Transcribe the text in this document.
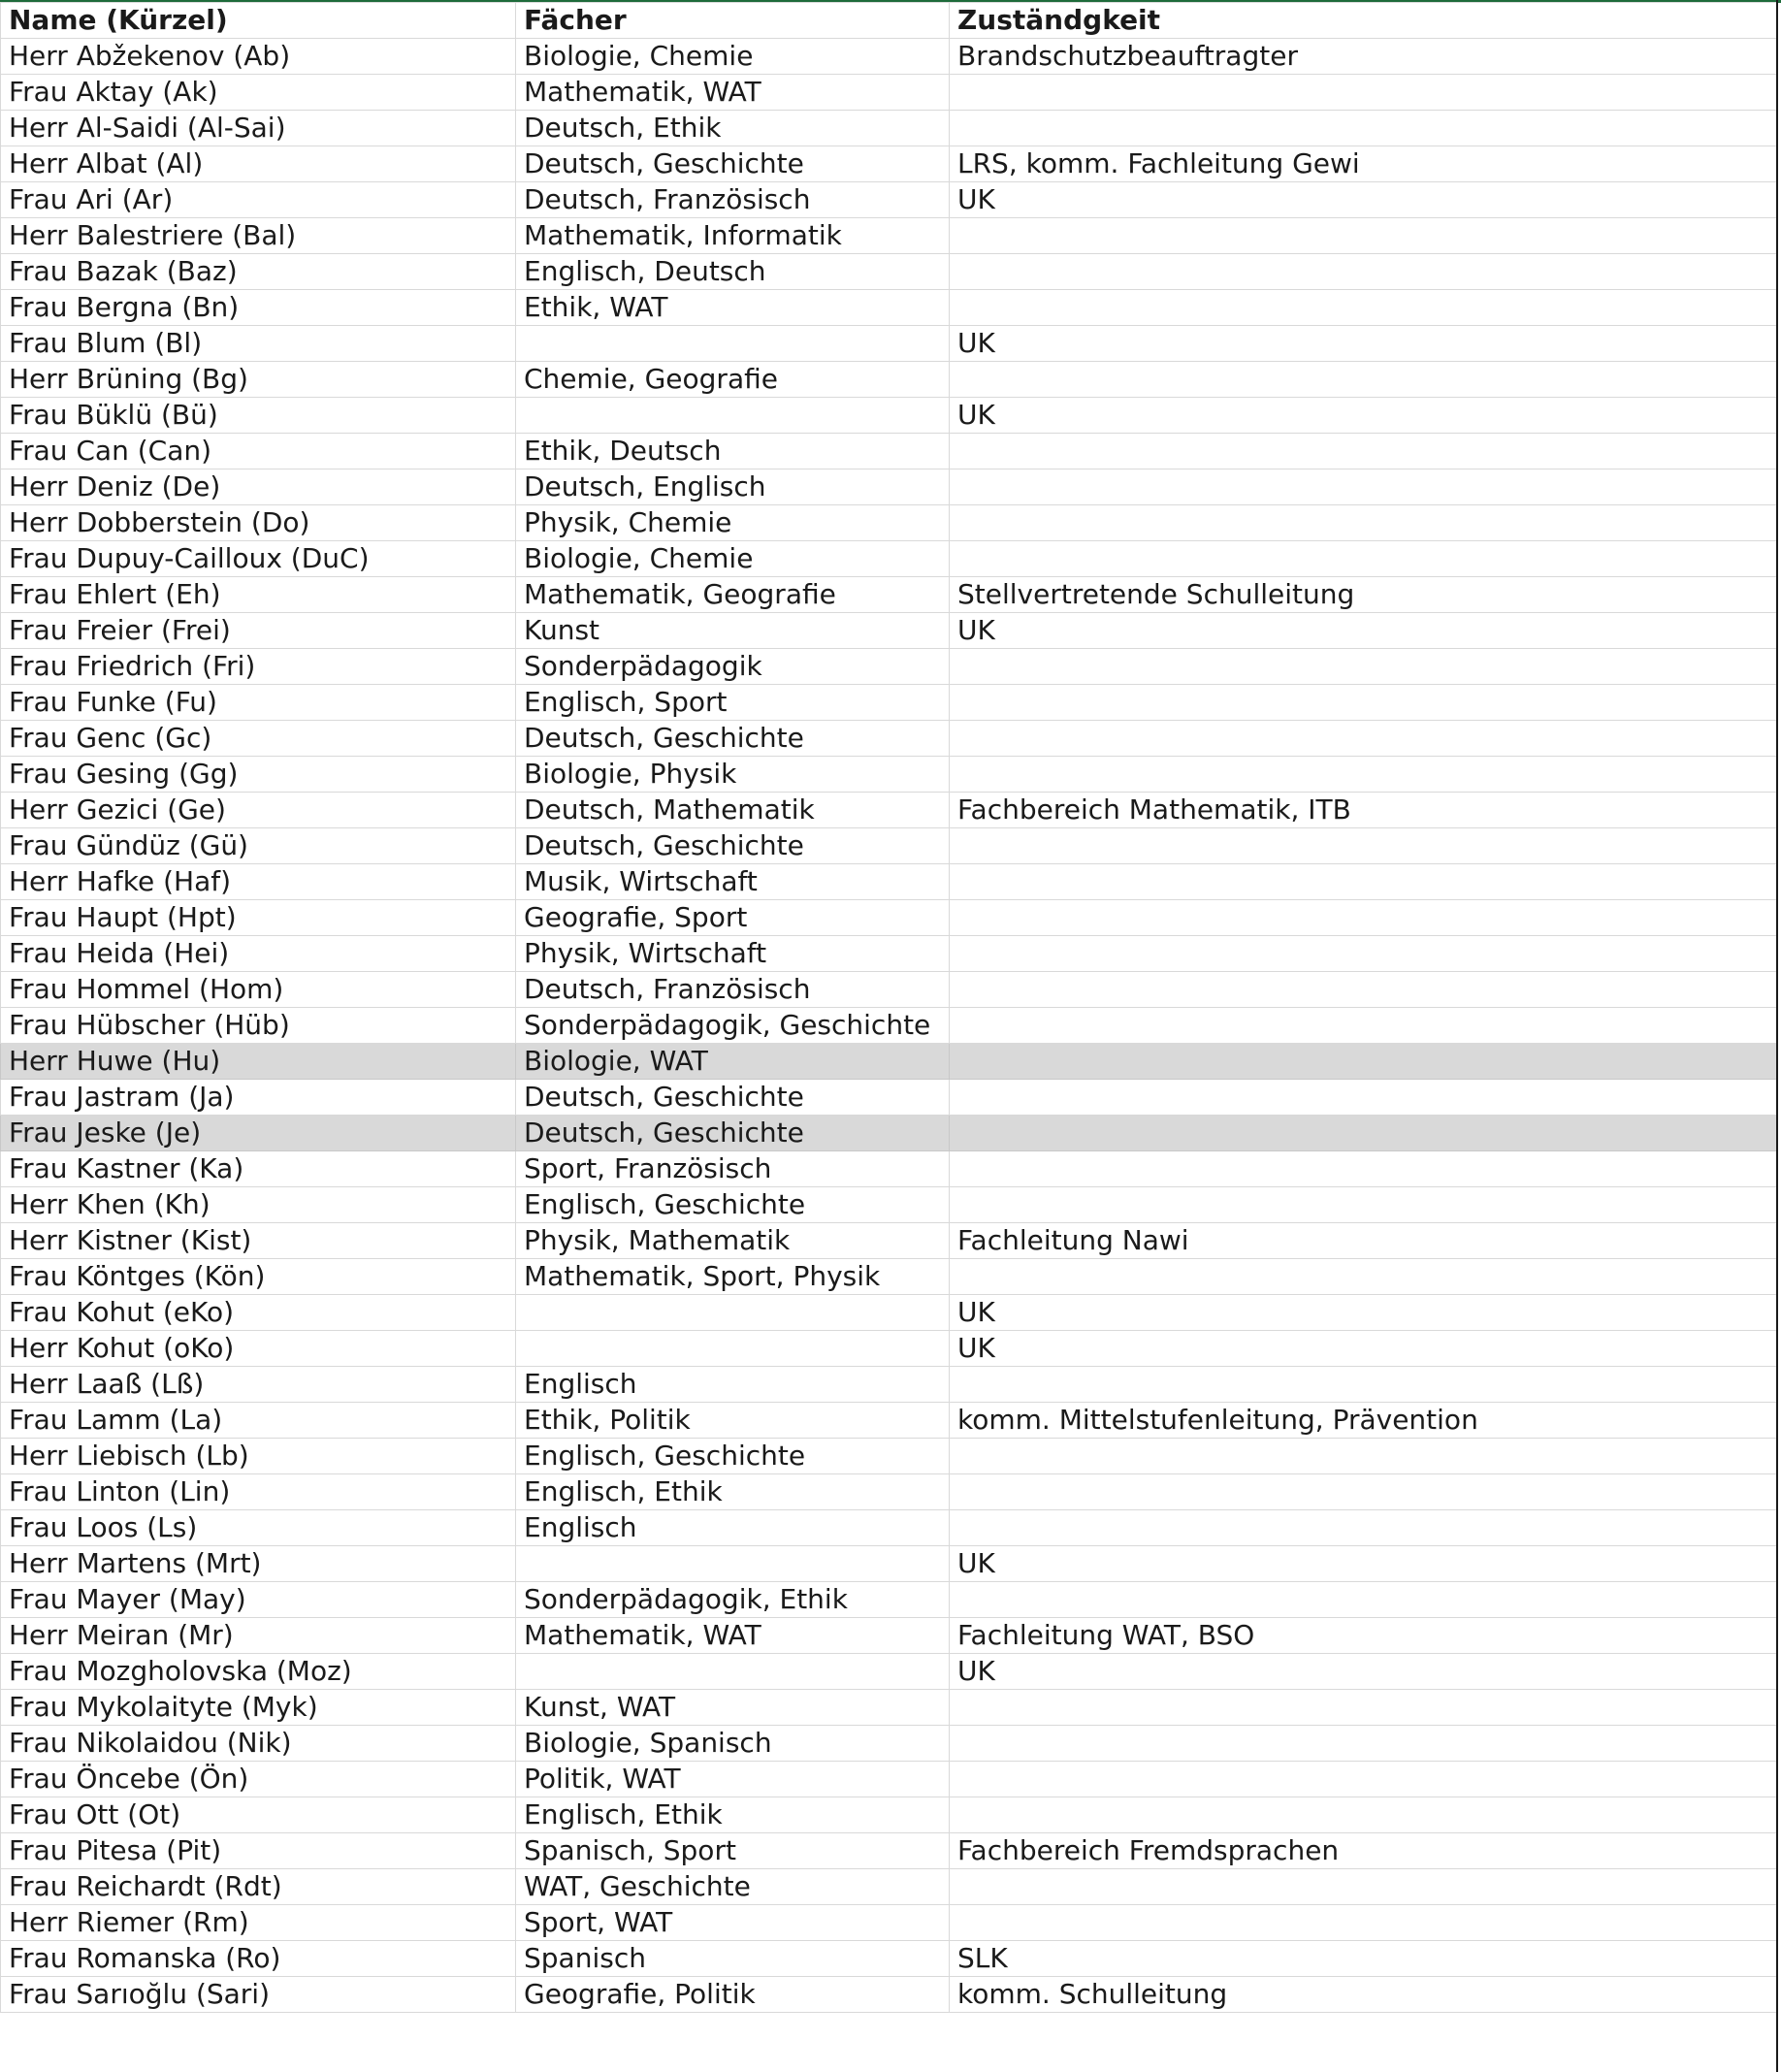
Name (Kürzel)	Fächer	Zuständgkeit
Herr Abžekenov (Ab)	Biologie, Chemie	Brandschutzbeauftragter
Frau Aktay (Ak)	Mathematik, WAT	
Herr Al-Saidi (Al-Sai)	Deutsch, Ethik	
Herr Albat (Al)	Deutsch, Geschichte	LRS, komm. Fachleitung Gewi
Frau Ari (Ar)	Deutsch, Französisch	UK
Herr Balestriere (Bal)	Mathematik, Informatik	
Frau Bazak (Baz)	Englisch, Deutsch	
Frau Bergna (Bn)	Ethik, WAT	
Frau Blum (Bl)		UK
Herr Brüning (Bg)	Chemie, Geografie	
Frau Büklü (Bü)		UK
Frau Can (Can)	Ethik, Deutsch	
Herr Deniz (De)	Deutsch, Englisch	
Herr Dobberstein (Do)	Physik, Chemie	
Frau Dupuy-Cailloux (DuC)	Biologie, Chemie	
Frau Ehlert (Eh)	Mathematik, Geografie	Stellvertretende Schulleitung
Frau Freier (Frei)	Kunst	UK
Frau Friedrich (Fri)	Sonderpädagogik	
Frau Funke (Fu)	Englisch, Sport	
Frau Genc (Gc)	Deutsch, Geschichte	
Frau Gesing (Gg)	Biologie, Physik	
Herr Gezici (Ge)	Deutsch, Mathematik	Fachbereich Mathematik, ITB
Frau Gündüz (Gü)	Deutsch, Geschichte	
Herr Hafke (Haf)	Musik, Wirtschaft	
Frau Haupt (Hpt)	Geografie, Sport	
Frau Heida (Hei)	Physik, Wirtschaft	
Frau Hommel (Hom)	Deutsch, Französisch	
Frau Hübscher (Hüb)	Sonderpädagogik, Geschichte	
Herr Huwe (Hu)	Biologie, WAT	
Frau Jastram (Ja)	Deutsch, Geschichte	
Frau Jeske (Je)	Deutsch, Geschichte	
Frau Kastner (Ka)	Sport, Französisch	
Herr Khen (Kh)	Englisch, Geschichte	
Herr Kistner (Kist)	Physik, Mathematik	Fachleitung Nawi
Frau Köntges (Kön)	Mathematik, Sport, Physik	
Frau Kohut (eKo)		UK
Herr Kohut (oKo)		UK
Herr Laaß (Lß)	Englisch	
Frau Lamm (La)	Ethik, Politik	komm. Mittelstufenleitung, Prävention
Herr Liebisch (Lb)	Englisch, Geschichte	
Frau Linton (Lin)	Englisch, Ethik	
Frau Loos (Ls)	Englisch	
Herr Martens (Mrt)		UK
Frau Mayer (May)	Sonderpädagogik, Ethik	
Herr Meiran (Mr)	Mathematik, WAT	Fachleitung WAT, BSO
Frau Mozgholovska (Moz)		UK
Frau Mykolaityte (Myk)	Kunst, WAT	
Frau Nikolaidou (Nik)	Biologie, Spanisch	
Frau Öncebe (Ön)	Politik, WAT	
Frau Ott (Ot)	Englisch, Ethik	
Frau Pitesa (Pit)	Spanisch, Sport	Fachbereich Fremdsprachen
Frau Reichardt (Rdt)	WAT, Geschichte	
Herr Riemer (Rm)	Sport, WAT	
Frau Romanska (Ro)	Spanisch	SLK
Frau Sarıoğlu (Sari)	Geografie, Politik	komm. Schulleitung
